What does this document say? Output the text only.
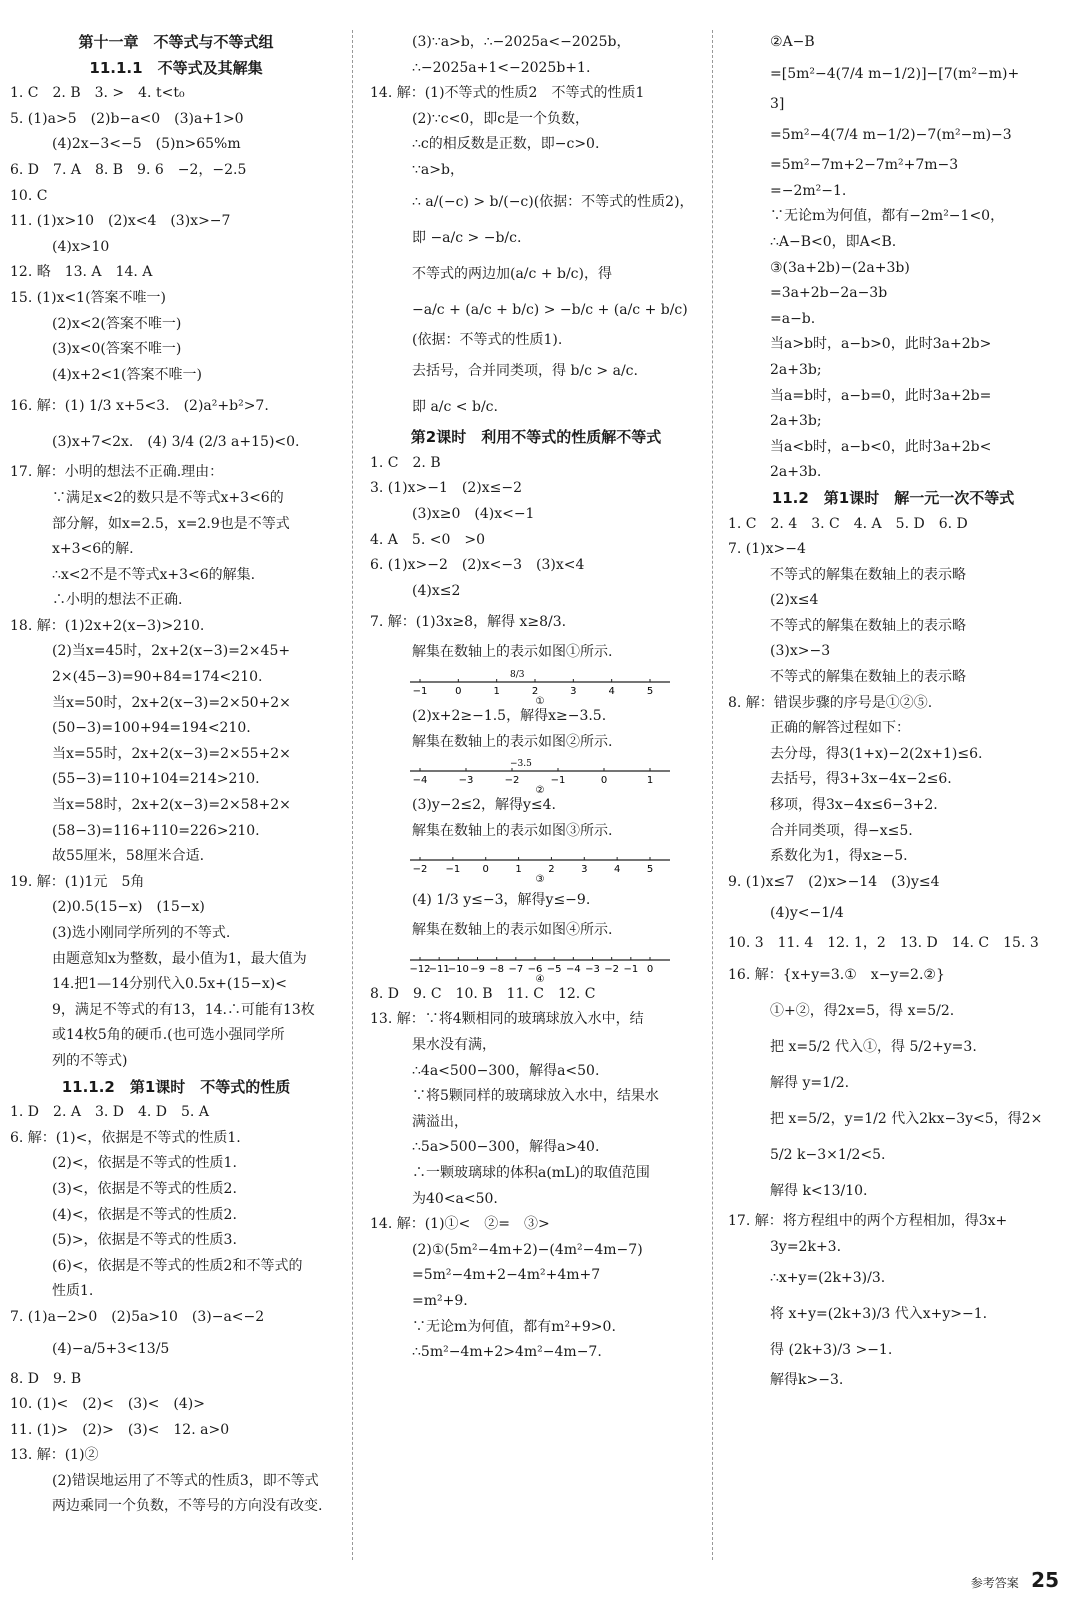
第十一章　不等式与不等式组
11.1.1　不等式及其解集
1. C　2. B　3. >　4. t<t₀
5. (1)a>5　(2)b−a<0　(3)a+1>0
(4)2x−3<−5　(5)n>65%m
6. D　7. A　8. B　9. 6　−2，−2.5
10. C
11. (1)x>10　(2)x<4　(3)x>−7
(4)x>10
12. 略　13. A　14. A
15. (1)x<1(答案不唯一)
(2)x<2(答案不唯一)
(3)x<0(答案不唯一)
(4)x+2<1(答案不唯一)
16. 解：(1) 1/3 x+5<3.　(2)a²+b²>7.
(3)x+7<2x.　(4) 3/4 (2/3 a+15)<0.
17. 解：小明的想法不正确.理由：
∵满足x<2的数只是不等式x+3<6的
部分解，如x=2.5，x=2.9也是不等式
x+3<6的解.
∴x<2不是不等式x+3<6的解集.
∴小明的想法不正确.
18. 解：(1)2x+2(x−3)>210.
(2)当x=45时，2x+2(x−3)=2×45+
2×(45−3)=90+84=174<210.
当x=50时，2x+2(x−3)=2×50+2×
(50−3)=100+94=194<210.
当x=55时，2x+2(x−3)=2×55+2×
(55−3)=110+104=214>210.
当x=58时，2x+2(x−3)=2×58+2×
(58−3)=116+110=226>210.
故55厘米，58厘米合适.
19. 解：(1)1元　5角
(2)0.5(15−x)　(15−x)
(3)选小刚同学所列的不等式.
由题意知x为整数，最小值为1，最大值为
14.把1—14分别代入0.5x+(15−x)<
9，满足不等式的有13，14.∴可能有13枚
或14枚5角的硬币.(也可选小强同学所
列的不等式)
11.1.2　第1课时　不等式的性质
1. D　2. A　3. D　4. D　5. A
6. 解：(1)<，依据是不等式的性质1.
(2)<，依据是不等式的性质1.
(3)<，依据是不等式的性质2.
(4)<，依据是不等式的性质2.
(5)>，依据是不等式的性质3.
(6)<，依据是不等式的性质2和不等式的
性质1.
7. (1)a−2>0　(2)5a>10　(3)−a<−2
(4)−a/5+3<13/5
8. D　9. B
10. (1)<　(2)<　(3)<　(4)>
11. (1)>　(2)>　(3)<　12. a>0
13. 解：(1)②
(2)错误地运用了不等式的性质3，即不等式
两边乘同一个负数，不等号的方向没有改变.
(3)∵a>b，∴−2025a<−2025b，
∴−2025a+1<−2025b+1.
14. 解：(1)不等式的性质2　不等式的性质1
(2)∵c<0，即c是一个负数，
∴c的相反数是正数，即−c>0.
∵a>b，
∴ a/(−c) > b/(−c)(依据：不等式的性质2)，
即 −a/c > −b/c.
不等式的两边加(a/c + b/c)，得
−a/c + (a/c + b/c) > −b/c + (a/c + b/c)
(依据：不等式的性质1).
去括号，合并同类项，得 b/c > a/c.
即 a/c < b/c.
第2课时　利用不等式的性质解不等式
1. C　2. B
3. (1)x>−1　(2)x≤−2
(3)x≥0　(4)x<−1
4. A　5. <0　>0
6. (1)x>−2　(2)x<−3　(3)x<4
(4)x≤2
7. 解：(1)3x≥8，解得 x≥8/3.
解集在数轴上的表示如图①所示.
−1	0	1	2	3	4	5
①
8/3
(2)x+2≥−1.5，解得x≥−3.5.
解集在数轴上的表示如图②所示.
−4	−3	−2	−1	0	1
②
−3.5
(3)y−2≤2，解得y≤4.
解集在数轴上的表示如图③所示.
−2 −1 0	1	2	3	4	5
③
(4) 1/3 y≤−3，解得y≤−9.
解集在数轴上的表示如图④所示.
−12
−11
−10 −9 −8 −7 −6 −5 −4 −3 −2 −1 0
④
8. D　9. C　10. B　11. C　12. C
13. 解：∵将4颗相同的玻璃球放入水中，结
果水没有满，
∴4a<500−300，解得a<50.
∵将5颗同样的玻璃球放入水中，结果水
满溢出，
∴5a>500−300，解得a>40.
∴一颗玻璃球的体积a(mL)的取值范围
为40<a<50.
14. 解：(1)①<　②=　③>
(2)①(5m²−4m+2)−(4m²−4m−7)
=5m²−4m+2−4m²+4m+7
=m²+9.
∵无论m为何值，都有m²+9>0.
∴5m²−4m+2>4m²−4m−7.
②A−B
=[5m²−4(7/4 m−1/2)]−[7(m²−m)+
3]
=5m²−4(7/4 m−1/2)−7(m²−m)−3
=5m²−7m+2−7m²+7m−3
=−2m²−1.
∵无论m为何值，都有−2m²−1<0，
∴A−B<0，即A<B.
③(3a+2b)−(2a+3b)
=3a+2b−2a−3b
=a−b.
当a>b时，a−b>0，此时3a+2b>
2a+3b;
当a=b时，a−b=0，此时3a+2b=
2a+3b;
当a<b时，a−b<0，此时3a+2b<
2a+3b.
11.2　第1课时　解一元一次不等式
1. C　2. 4　3. C　4. A　5. D　6. D
7. (1)x>−4
不等式的解集在数轴上的表示略
(2)x≤4
不等式的解集在数轴上的表示略
(3)x>−3
不等式的解集在数轴上的表示略
8. 解：错误步骤的序号是①②⑤.
正确的解答过程如下：
去分母，得3(1+x)−2(2x+1)≤6.
去括号，得3+3x−4x−2≤6.
移项，得3x−4x≤6−3+2.
合并同类项，得−x≤5.
系数化为1，得x≥−5.
9. (1)x≤7　(2)x>−14　(3)y≤4
(4)y<−1/4
10. 3　11. 4　12. 1，2　13. D　14. C　15. 3
16. 解：{x+y=3.①　x−y=2.②}
①+②，得2x=5，得 x=5/2.
把 x=5/2 代入①，得 5/2+y=3.
解得 y=1/2.
把 x=5/2，y=1/2 代入2kx−3y<5，得2×
5/2 k−3×1/2<5.
解得 k<13/10.
17. 解：将方程组中的两个方程相加，得3x+
3y=2k+3.
∴x+y=(2k+3)/3.
将 x+y=(2k+3)/3 代入x+y>−1.
得 (2k+3)/3 >−1.
解得k>−3.
参考答案 25
